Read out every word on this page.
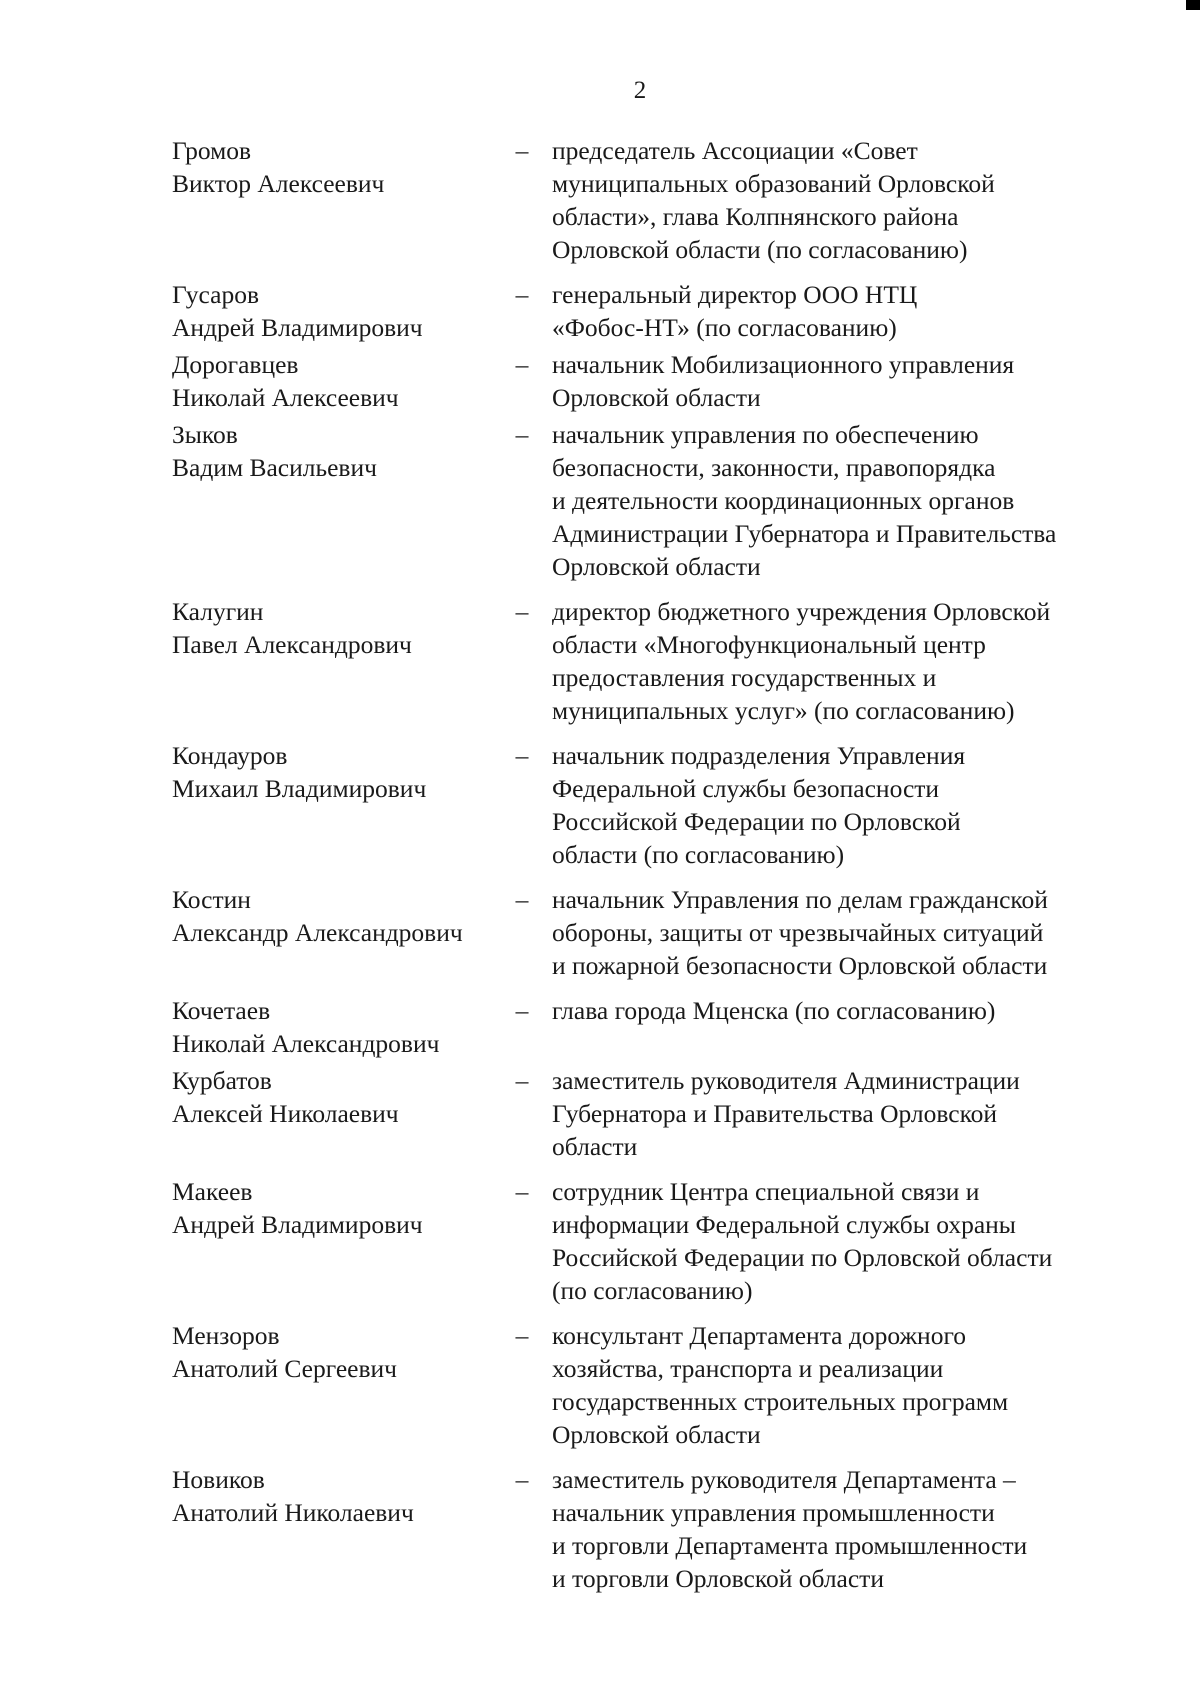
2
Громов
Виктор Алексеевич
– председатель Ассоциации «Совет
муниципальных образований Орловской
области», глава Колпнянского района
Орловской области (по согласованию)
Гусаров
Андрей Владимирович
– генеральный директор ООО НТЦ
«Фобос-НТ» (по согласованию)
Дорогавцев
Николай Алексеевич
– начальник Мобилизационного управления
Орловской области
Зыков
Вадим Васильевич
– начальник управления по обеспечению
безопасности, законности, правопорядка
и деятельности координационных органов
Администрации Губернатора и Правительства
Орловской области
Калугин
Павел Александрович
– директор бюджетного учреждения Орловской
области «Многофункциональный центр
предоставления государственных и
муниципальных услуг» (по согласованию)
Кондауров
Михаил Владимирович
– начальник подразделения Управления
Федеральной службы безопасности
Российской Федерации по Орловской
области (по согласованию)
Костин
Александр Александрович
– начальник Управления по делам гражданской
обороны, защиты от чрезвычайных ситуаций
и пожарной безопасности Орловской области
Кочетаев
Николай Александрович
– глава города Мценска (по согласованию)
Курбатов
Алексей Николаевич
– заместитель руководителя Администрации
Губернатора и Правительства Орловской
области
Макеев
Андрей Владимирович
– сотрудник Центра специальной связи и
информации Федеральной службы охраны
Российской Федерации по Орловской области
(по согласованию)
Мензоров
Анатолий Сергеевич
– консультант Департамента дорожного
хозяйства, транспорта и реализации
государственных строительных программ
Орловской области
Новиков
Анатолий Николаевич
– заместитель руководителя Департамента –
начальник управления промышленности
и торговли Департамента промышленности
и торговли Орловской области
